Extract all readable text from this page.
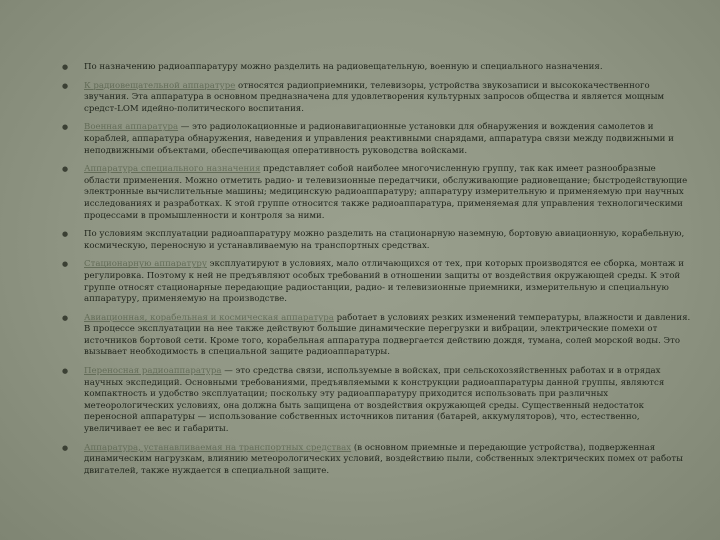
● По назначению радиоаппаратуру можно разделить на радиовещательную, военную и специального назначения.
● К радиовещательной аппаратуре относятся радиоприемники, телевизоры, устройства звукозаписи и высококачественного звучания. Эта аппаратура в основном предназначена для удовлетворения культурных запросов общества и является мощным средст-LOM идейно-политического воспитания.
● Военная аппаратура — это радиолокационные и радионавигационные установки для обнаружения и вождения самолетов и кораблей, аппаратура обнаружения, наведения и управления реактивными снарядами, аппаратура связи между подвижными и неподвижными объектами, обеспечивающая оперативность руководства войсками.
● Аппаратура специального назначения представляет собой наиболее многочисленную группу, так как имеет разнообразные области применения. Можно отметить радио- и телевизионные передатчики, обслуживающие радиовещание; быстродействующие электронные вычислительные машины; медицинскую радиоаппаратуру; аппаратуру измерительную и применяемую при научных исследованиях и разработках. К этой группе относится также радиоаппаратура, применяемая для управления технологическими процессами в промышленности и контроля за ними.
● По условиям эксплуатации радиоаппаратуру можно разделить на стационарную наземную, бортовую авиационную, корабельную, космическую, переносную и устанавливаемую на транспортных средствах.
● Стационарную аппаратуру эксплуатируют в условиях, мало отличающихся от тех, при которых производятся ее сборка, монтаж и регулировка. Поэтому к ней не предъявляют особых требований в отношении защиты от воздействия окружающей среды. К этой группе относят стационарные передающие радиостанции, радио- и телевизионные приемники, измерительную и специальную аппаратуру, применяемую на производстве.
● Авиационная, корабельная и космическая аппаратура работает в условиях резких изменений температуры, влажности и давления. В процессе эксплуатации на нее также действуют большие динамические перегрузки и вибрации, электрические помехи от источников бортовой сети. Кроме того, корабельная аппаратура подвергается действию дождя, тумана, солей морской воды. Это вызывает необходимость в специальной защите радиоаппаратуры.
● Переносная радиоаппаратура — это средства связи, используемые в войсках, при сельскохозяйственных работах и в отрядах научных экспедиций. Основными требованиями, предъявляемыми к конструкции радиоаппаратуры данной группы, являются компактность и удобство эксплуатации; поскольку эту радиоаппаратуру приходится использовать при различных метеорологических условиях, она должна быть защищена от воздействия окружающей среды. Существенный недостаток переносной аппаратуры — использование собственных источников питания (батарей, аккумуляторов), что, естественно, увеличивает ее вес и габариты.
● Аппаратура, устанавливаемая на транспортных средствах (в основном приемные и передающие устройства), подверженная динамическим нагрузкам, влиянию метеорологических условий, воздействию пыли, собственных электрических помех от работы двигателей, также нуждается в специальной защите.
